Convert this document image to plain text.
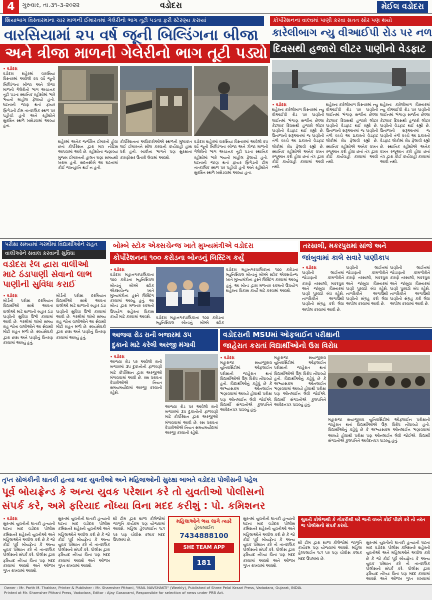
4	ગુરુવાર, તા.૩૧-૩-૨૦૨૨	વડોદરા	મેઈલ વડોદરા
શિયાબાગ વિસ્તારમાંના ચાર માળની ઈમારતમાં ગેલેરીનો ભાગ તૂટી પડતા ફરી સ્ટેરણ્ય કરાયાં
વારસિયામાં ૨૫ વર્ષ જૂની બિલ્ડિંગના બીજા
અને ત્રીજા માળની ગેલેરીનો ભાગ તૂટી પડ્યો
કોર્પોરેશનના વાલ્વમાં પાણી કરવા સતત સોર પણ થયો
કારેલીબાગ ન્યુ વીઆઈપી રોડ પર નળ
દિવસથી હજારો લીટર પાણીનો વેડફાટ
• વડોદરા
વડોદરા શહેરમાં વારસિયા વિસ્તારમાં આવેલી ૨૫ વર્ષ જૂની બિલ્ડિંગના બીજા અને ત્રીજા માળની ગેલેરીનો ભાગ અચાનક તૂટી પડતા સ્થાનિક રહીશોમાં ભારે ભયનો માહોલ ફેલાયો હતો. ઘટનાની જાણ થતાં ફાયર બ્રિગેડની ટીમ તાત્કાલિક સ્થળ પર પહોંચી હતી અને રહીશોને સુરક્ષિત સ્થળે ખસેડવામાં આવ્યા હતા.
શહેરમાં અનેક જર્જરિત ઈમારતો હોવા છતાં કોર્પોરેશન દ્વારા માત્ર નોટિસ આપવામાં આવે છે. રહીશોના જણાવ્યા મુજબ ઈમારતની હાલત ઘણા સમયથી ખરાબ હતી. સદનસીબે આ ઘટનામાં કોઈ જાનહાનિ થઈ ન હતી.
કોર્પોરેશનના અધિકારીઓએ સ્થળની મુલાકાત લઈ ઈમારતને સીલ કરવાની કાર્યવાહી હાથ ધરી હતી. બાકીના ભાગને પણ સુરક્ષાના કારણોસર ઉતારી લેવામાં આવશે.
વડોદરા શહેરમાં વારસિયા વિસ્તારમાં આવેલી ૨૫ વર્ષ જૂની બિલ્ડિંગના બીજા અને ત્રીજા માળની ગેલેરીનો ભાગ અચાનક તૂટી પડતા સ્થાનિક રહીશોમાં ભારે ભયનો માહોલ ફેલાયો હતો. ઘટનાની જાણ થતાં ફાયર બ્રિગેડની ટીમ તાત્કાલિક સ્થળ પર પહોંચી હતી અને રહીશોને સુરક્ષિત સ્થળે ખસેડવામાં આવ્યા હતા.
• વડોદરા
શહેરના કારેલીબાગ વિસ્તારમાં ન્યુ વીઆઈપી રોડ પર પાણીની લાઈનમાં ભંગાણ સર્જાતા છેલ્લા કેટલાક દિવસથી હજારો લીટર પાણીનો વેડફાટ થઈ રહ્યો છે. ઉનાળાની શરૂઆતમાં જ પાણીની તંગી વચ્ચે આ પ્રકારનો વેડફાટ લોકોમાં રોષ ફેલાવી રહ્યો છે. સ્થાનિક રહીશોએ અનેક વખત રજૂઆત કરી હોવા છતાં તંત્ર દ્વારા કોઈ કાર્યવાહી કરવામાં આવી નથી.
શહેરના કારેલીબાગ વિસ્તારમાં ન્યુ વીઆઈપી રોડ પર પાણીની લાઈનમાં ભંગાણ સર્જાતા છેલ્લા કેટલાક દિવસથી હજારો લીટર પાણીનો વેડફાટ થઈ રહ્યો છે. ઉનાળાની શરૂઆતમાં જ પાણીની તંગી વચ્ચે આ પ્રકારનો વેડફાટ લોકોમાં રોષ ફેલાવી રહ્યો છે. સ્થાનિક રહીશોએ અનેક વખત રજૂઆત કરી હોવા છતાં તંત્ર દ્વારા કોઈ કાર્યવાહી કરવામાં આવી નથી.
શહેરના કારેલીબાગ વિસ્તારમાં ન્યુ વીઆઈપી રોડ પર પાણીની લાઈનમાં ભંગાણ સર્જાતા છેલ્લા કેટલાક દિવસથી હજારો લીટર પાણીનો વેડફાટ થઈ રહ્યો છે. ઉનાળાની શરૂઆતમાં જ પાણીની તંગી વચ્ચે આ પ્રકારનો વેડફાટ લોકોમાં રોષ ફેલાવી રહ્યો છે. સ્થાનિક રહીશોએ અનેક વખત રજૂઆત કરી હોવા છતાં તંત્ર દ્વારા કોઈ કાર્યવાહી કરવામાં આવી નથી.
પરીક્ષા સમયમાં ગરમીમાં વિદ્યાર્થીઓને રાહત
વાલીઓને સવાલ કરવાની સુવિધા
વડોદરા રેલ દ્વારા વાલીઓ
માટે ઠંડાપાણી સેવાનો લાભ
પાણીની સુવિધા કરાઈ
• વડોદરા
બોર્ડની પરીક્ષા દરમિયાન વિદ્યાર્થીઓ સાથે આવતા વાલીઓ માટે શાળાની બહાર ઠંડા પાણીની સુવિધા ઉભી કરવામાં આવી છે. ગરમીમાં લાંબો સમય રાહ જોતા વાલીઓને આ સેવાથી મોટી રાહત મળી છે. સ્વયંસેવકો દ્વારા છાશ અને પાણીનું વિતરણ કરવામાં આવ્યું હતું.
બોર્ડની પરીક્ષા દરમિયાન વિદ્યાર્થીઓ સાથે આવતા વાલીઓ માટે શાળાની બહાર ઠંડા પાણીની સુવિધા ઉભી કરવામાં આવી છે. ગરમીમાં લાંબો સમય રાહ જોતા વાલીઓને આ સેવાથી મોટી રાહત મળી છે. સ્વયંસેવકો દ્વારા છાશ અને પાણીનું વિતરણ કરવામાં આવ્યું હતું.
બોમ્બે સ્ટોક એક્સચેન્જ ખાતે મુખ્યમંત્રીએ વડોદરા
કોર્પોરેશનના ૧૦૦ કરોડના બોન્ડનું લિસ્ટિંગ કર્યું
• વડોદરા
વડોદરા મહાનગરપાલિકાના ૧૦૦ કરોડના મ્યુનિસિપલ બોન્ડનું બોમ્બે સ્ટોક એક્સચેન્જ ખાતે મુખ્યમંત્રીના હસ્તે લિસ્ટિંગ કરવામાં આવ્યું હતું. આ બોન્ડ દ્વારા મળનાર રકમનો ઉપયોગ શહેરના વિકાસ કાર્યો માટે કરવામાં આવશે.
વડોદરા મહાનગરપાલિકાના ૧૦૦ કરોડના મ્યુનિસિપલ બોન્ડનું બોમ્બે સ્ટોક એક્સચેન્જ ખાતે મુખ્યમંત્રીના હસ્તે લિસ્ટિંગ કરવામાં આવ્યું હતું. આ બોન્ડ દ્વારા મળનાર રકમનો ઉપયોગ શહેરના વિકાસ કાર્યો માટે કરવામાં આવશે.
વડોદરા મહાનગરપાલિકાના ૧૦૦ કરોડના મ્યુનિસિપલ બોન્ડનું બોમ્બે સ્ટોક
તરસાલી, મકરપુરામાં સાંજે અને
જાંબુવામાં કાલે સવારે પાણીકાપ
• વડોદરા
પાણીની લાઈનમાં જોડાણની કામગીરીને કારણે તરસાલી, મકરપુરા અને જાંબુવા વિસ્તારમાં પાણી પુરવઠો બંધ રહેશે. નાગરિકોને અગાઉથી પાણીનો સંગ્રહ કરી લેવા અપીલ કરવામાં આવી છે.
પાણીની લાઈનમાં જોડાણની કામગીરીને કારણે તરસાલી, મકરપુરા અને જાંબુવા વિસ્તારમાં પાણી પુરવઠો બંધ રહેશે. નાગરિકોને અગાઉથી પાણીનો સંગ્રહ કરી લેવા અપીલ કરવામાં આવી છે.
પાણીની લાઈનમાં જોડાણની કામગીરીને કારણે તરસાલી, મકરપુરા અને જાંબુવા વિસ્તારમાં પાણી પુરવઠો બંધ રહેશે. નાગરિકોને અગાઉથી પાણીનો સંગ્રહ કરી લેવા અપીલ કરવામાં આવી છે.
આજવા રોડ રાની બજારમાં ૩૫
દુકાનો માટે કરેલી અરજી મંગાવી
• વડોદરા
આજવા રોડ પર આવેલી રાની બજારમાં ૩૫ દુકાનોની ફાળવણી માટે કોર્પોરેશન દ્વારા અરજીઓ મંગાવવામાં આવી છે. રસ ધરાવતા વેપારીઓએ નિયત સમયમર્યાદામાં અરજી કરવાની રહેશે.
આજવા રોડ પર આવેલી રાની બજારમાં ૩૫ દુકાનોની ફાળવણી માટે કોર્પોરેશન દ્વારા અરજીઓ મંગાવવામાં આવી છે. રસ ધરાવતા વેપારીઓએ નિયત સમયમર્યાદામાં અરજી કરવાની રહેશે.
વડોદરાની MSUમાં ઓફલાઈન પરીક્ષાની
જાહેરાત કરાતાં વિદ્યાર્થીઓનો ઉગ્ર વિરોધ
• વડોદરા
મહારાજા સયાજીરાવ યુનિવર્સિટીમાં ઓફલાઈન પરીક્ષાની જાહેરાત થતાં વિદ્યાર્થીઓએ ઉગ્ર વિરોધ નોંધાવ્યો હતો. વિદ્યાર્થીઓનું કહેવું છે કે અભ્યાસક્રમ ઓનલાઈન ભણાવવામાં આવ્યો હોવાથી પરીક્ષા પણ ઓનલાઈન લેવી જોઈએ. વિદ્યાર્થી સંગઠનોએ કુલપતિને આવેદનપત્ર પાઠવ્યું હતું.
મહારાજા સયાજીરાવ યુનિવર્સિટીમાં ઓફલાઈન પરીક્ષાની જાહેરાત થતાં વિદ્યાર્થીઓએ ઉગ્ર વિરોધ નોંધાવ્યો હતો. વિદ્યાર્થીઓનું કહેવું છે કે અભ્યાસક્રમ ઓનલાઈન ભણાવવામાં આવ્યો હોવાથી પરીક્ષા પણ ઓનલાઈન લેવી જોઈએ. વિદ્યાર્થી સંગઠનોએ કુલપતિને આવેદનપત્ર પાઠવ્યું હતું.
મહારાજા સયાજીરાવ યુનિવર્સિટીમાં ઓફલાઈન પરીક્ષાની જાહેરાત થતાં વિદ્યાર્થીઓએ ઉગ્ર વિરોધ નોંધાવ્યો હતો. વિદ્યાર્થીઓનું કહેવું છે કે અભ્યાસક્રમ ઓનલાઈન ભણાવવામાં આવ્યો હોવાથી પરીક્ષા પણ ઓનલાઈન લેવી જોઈએ. વિદ્યાર્થી સંગઠનોએ કુલપતિને આવેદનપત્ર પાઠવ્યું હતું.
તૃપ્ત સોલંકીની ઘાતકી હત્યા બાદ યુવતીઓ અને મહિલાઓની સુરક્ષા બાબતે વડોદરા પોલીસની પહેલ
પૂર્વ બોયફ્રેન્ડ કે અન્ય યુવક પરેશાન કરે તો યુવતીઓ પોલીસનો
સંપર્ક કરે, અમે ફરિયાદ નોંધ્યા વિના મદદ કરીશું : પો. કમિશનર
• વડોદરા
સુરતમાં યુવતીની ઘાતકી હત્યાની ઘટના બાદ વડોદરા પોલીસ કમિશનરે શહેરની યુવતીઓ અને મહિલાઓને અપીલ કરી છે કે જો કોઈ પૂર્વ બોયફ્રેન્ડ કે અન્ય યુવક પરેશાન કરે તો તાત્કાલિક પોલીસનો સંપર્ક કરે. પોલીસ દ્વારા ફરિયાદ નોંધ્યા વિના પણ મદદ કરવામાં આવશે અને ઓળખ ગુપ્ત રાખવામાં આવશે.
સુરતમાં યુવતીની ઘાતકી હત્યાની ઘટના બાદ વડોદરા પોલીસ કમિશનરે શહેરની યુવતીઓ અને મહિલાઓને અપીલ કરી છે કે જો કોઈ પૂર્વ બોયફ્રેન્ડ કે અન્ય યુવક પરેશાન કરે તો તાત્કાલિક પોલીસનો સંપર્ક કરે. પોલીસ દ્વારા ફરિયાદ નોંધ્યા વિના પણ મદદ કરવામાં આવશે અને ઓળખ ગુપ્ત રાખવામાં આવશે.
શી ટીમ દ્વારા શાળા કોલેજોમાં જાગૃતિ કાર્યક્રમ પણ યોજવામાં આવશે. મહિલા હેલ્પલાઈન ૧૮૧ પર પણ ચોવીસ કલાક મદદ ઉપલબ્ધ છે.
મહિલાઓને ભય લાગે ત્યારે
હેલ્પલાઈન
7434888100
SHE TEAM APP
181
સુરતમાં યુવતીની ઘાતકી હત્યાની ઘટના બાદ વડોદરા પોલીસ કમિશનરે શહેરની યુવતીઓ અને મહિલાઓને અપીલ કરી છે કે જો કોઈ પૂર્વ બોયફ્રેન્ડ કે અન્ય યુવક પરેશાન કરે તો તાત્કાલિક પોલીસનો સંપર્ક કરે. પોલીસ દ્વારા ફરિયાદ નોંધ્યા વિના પણ મદદ કરવામાં આવશે અને ઓળખ ગુપ્ત રાખવામાં આવશે.
યુવતી કોલેજથી કે નોકરીથી ઘરે જતી વખતે કોઈ પીછો કરે તો તરત જ પોલીસનો સંપર્ક કરવો.
શી ટીમ દ્વારા શાળા કોલેજોમાં જાગૃતિ કાર્યક્રમ પણ યોજવામાં આવશે. મહિલા હેલ્પલાઈન ૧૮૧ પર પણ ચોવીસ કલાક મદદ ઉપલબ્ધ છે.
સુરતમાં યુવતીની ઘાતકી હત્યાની ઘટના બાદ વડોદરા પોલીસ કમિશનરે શહેરની યુવતીઓ અને મહિલાઓને અપીલ કરી છે કે જો કોઈ પૂર્વ બોયફ્રેન્ડ કે અન્ય યુવક પરેશાન કરે તો તાત્કાલિક પોલીસનો સંપર્ક કરે. પોલીસ દ્વારા ફરિયાદ નોંધ્યા વિના પણ મદદ કરવામાં આવશે અને ઓળખ ગુપ્ત રાખવામાં
Owner : Mr. Parth M. Thakkar, Printer & Publisher : Mr. Shamsher Pithani, "MAIL NAVSHAKTI" (Weekly), Published of Shree Pelal Kesari Press, Vadodara, Gujarat, INDIA.
Printed at Mr. Shamsher Pithani Press, Vadodara, Editor : Ajay Gosavami, Responsible for selection of news under PRB Act.
